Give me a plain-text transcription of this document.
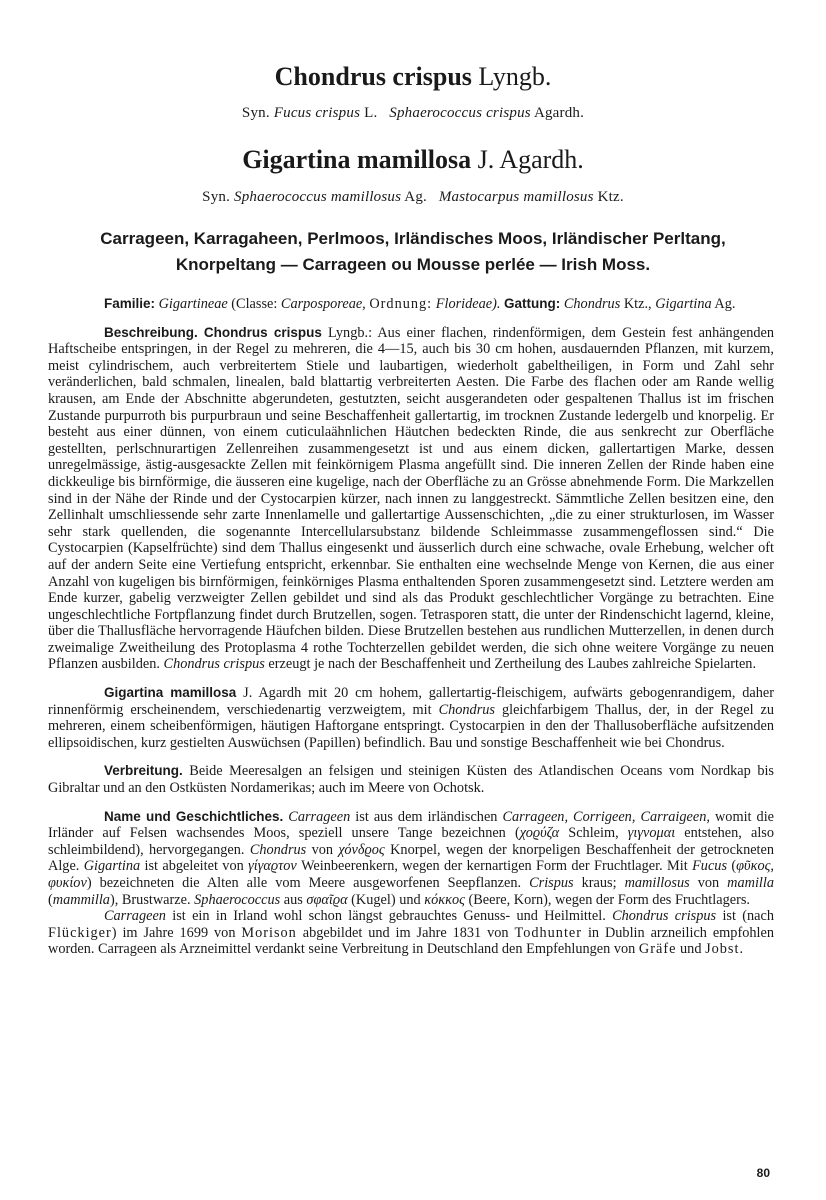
Chondrus crispus Lyngb.
Syn. Fucus crispus L. Sphaerococcus crispus Agardh.
Gigartina mamillosa J. Agardh.
Syn. Sphaerococcus mamillosus Ag. Mastocarpus mamillosus Ktz.
Carrageen, Karragaheen, Perlmoos, Irländisches Moos, Irländischer Perltang,
Knorpeltang — Carrageen ou Mousse perlée — Irish Moss.

Familie: Gigartineae (Classe: Carposporeae, Ordnung: Florideae). Gattung: Chondrus Ktz., Gigartina Ag.

Beschreibung. Chondrus crispus Lyngb.: Aus einer flachen, rindenförmigen, dem Gestein fest anhängenden Haftscheibe entspringen, in der Regel zu mehreren, die 4—15, auch bis 30 cm hohen, ausdauernden Pflanzen, mit kurzem, meist cylindrischem, auch verbreitertem Stiele und laubartigen, wiederholt gabeltheiligen, in Form und Zahl sehr veränderlichen, bald schmalen, linealen, bald blattartig verbreiterten Aesten. Die Farbe des flachen oder am Rande wellig krausen, am Ende der Abschnitte abgerundeten, gestutzten, seicht ausgerandeten oder gespaltenen Thallus ist im frischen Zustande purpurroth bis purpurbraun und seine Beschaffenheit gallertartig, im trocknen Zustande ledergelb und knorpelig. Er besteht aus einer dünnen, von einem cuticulaähnlichen Häutchen bedeckten Rinde, die aus senkrecht zur Oberfläche gestellten, perlschnurartigen Zellenreihen zusammengesetzt ist und aus einem dicken, gallertartigen Marke, dessen unregelmässige, ästig-ausgesackte Zellen mit feinkörnigem Plasma angefüllt sind. Die inneren Zellen der Rinde haben eine dickkeulige bis birnförmige, die äusseren eine kugelige, nach der Oberfläche zu an Grösse abnehmende Form. Die Markzellen sind in der Nähe der Rinde und der Cystocarpien kürzer, nach innen zu langgestreckt. Sämmtliche Zellen besitzen eine, den Zellinhalt umschliessende sehr zarte Innenlamelle und gallertartige Aussenschichten, „die zu einer strukturlosen, im Wasser sehr stark quellenden, die sogenannte Intercellularsubstanz bildende Schleimmasse zusammengeflossen sind.“ Die Cystocarpien (Kapselfrüchte) sind dem Thallus eingesenkt und äusserlich durch eine schwache, ovale Erhebung, welcher oft auf der andern Seite eine Vertiefung entspricht, erkennbar. Sie enthalten eine wechselnde Menge von Kernen, die aus einer Anzahl von kugeligen bis birnförmigen, feinkörniges Plasma enthaltenden Sporen zusammengesetzt sind. Letztere werden am Ende kurzer, gabelig verzweigter Zellen gebildet und sind als das Produkt geschlechtlicher Vorgänge zu betrachten. Eine ungeschlechtliche Fortpflanzung findet durch Brutzellen, sogen. Tetrasporen statt, die unter der Rindenschicht lagernd, kleine, über die Thallusfläche hervorragende Häufchen bilden. Diese Brutzellen bestehen aus rundlichen Mutterzellen, in denen durch zweimalige Zweitheilung des Protoplasma 4 rothe Tochterzellen gebildet werden, die sich ohne weitere Vorgänge zu neuen Pflanzen ausbilden. Chondrus crispus erzeugt je nach der Beschaffenheit und Zertheilung des Laubes zahlreiche Spielarten.

Gigartina mamillosa J. Agardh mit 20 cm hohem, gallertartig-fleischigem, aufwärts gebogenrandigem, daher rinnenförmig erscheinendem, verschiedenartig verzweigtem, mit Chondrus gleichfarbigem Thallus, der, in der Regel zu mehreren, einem scheibenförmigen, häutigen Haftorgane entspringt. Cystocarpien in den der Thallusoberfläche aufsitzenden ellipsoidischen, kurz gestielten Auswüchsen (Papillen) befindlich. Bau und sonstige Beschaffenheit wie bei Chondrus.

Verbreitung. Beide Meeresalgen an felsigen und steinigen Küsten des Atlandischen Oceans vom Nordkap bis Gibraltar und an den Ostküsten Nordamerikas; auch im Meere von Ochotsk.

Name und Geschichtliches. Carrageen ist aus dem irländischen Carrageen, Corrigeen, Carraigeen, womit die Irländer auf Felsen wachsendes Moos, speziell unsere Tange bezeichnen (χοϱύζα Schleim, γιγνομαι entstehen, also schleimbildend), hervorgegangen. Chondrus von χόνδϱος Knorpel, wegen der knorpeligen Beschaffenheit der getrockneten Alge. Gigartina ist abgeleitet von γίγαϱτον Weinbeerenkern, wegen der kernartigen Form der Fruchtlager. Mit Fucus (φῦκος, φυκίον) bezeichneten die Alten alle vom Meere ausgeworfenen Seepflanzen. Crispus kraus; mamillosus von mamilla (mammilla), Brustwarze. Sphaerococcus aus σφαῖϱα (Kugel) und κόκκος (Beere, Korn), wegen der Form des Fruchtlagers.

Carrageen ist ein in Irland wohl schon längst gebrauchtes Genuss- und Heilmittel. Chondrus crispus ist (nach Flückiger) im Jahre 1699 von Morison abgebildet und im Jahre 1831 von Todhunter in Dublin arzneilich empfohlen worden. Carrageen als Arzneimittel verdankt seine Verbreitung in Deutschland den Empfehlungen von Gräfe und Jobst.

80
